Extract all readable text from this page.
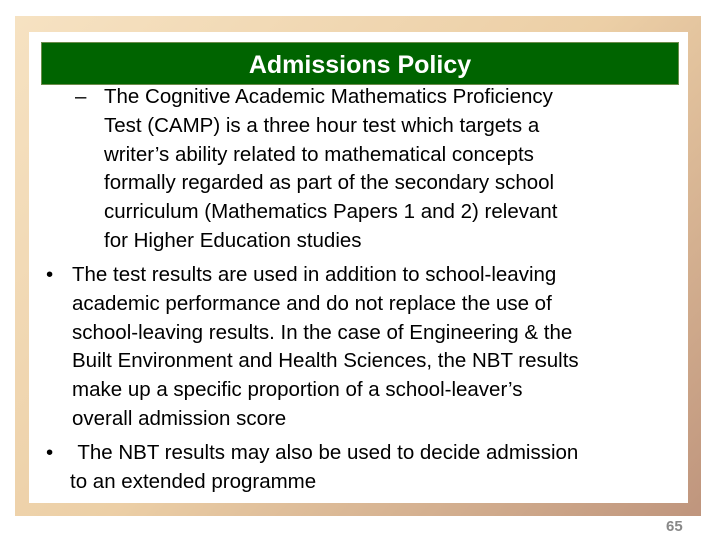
Admissions Policy
– The Cognitive Academic Mathematics Proficiency
Test (CAMP) is a three hour test which targets a
writer’s ability related to mathematical concepts
formally regarded as part of the secondary school
curriculum (Mathematics Papers 1 and 2) relevant
for Higher Education studies
• The test results are used in addition to school-leaving
academic performance and do not replace the use of
school-leaving results. In the case of Engineering & the
Built Environment and Health Sciences, the NBT results
make up a specific proportion of a school-leaver’s
overall admission score
• The NBT results may also be used to decide admission
to an extended programme
65
